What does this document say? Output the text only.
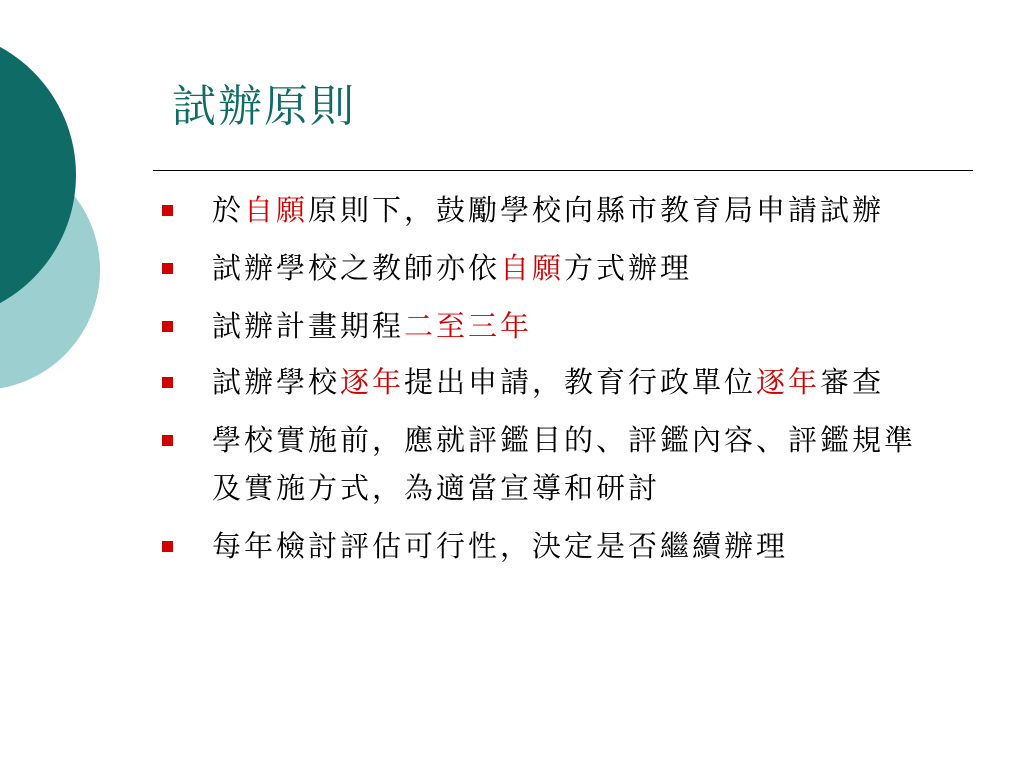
試辦原則
於自願原則下，鼓勵學校向縣市教育局申請試辦
試辦學校之教師亦依自願方式辦理
試辦計畫期程二至三年
試辦學校逐年提出申請，教育行政單位逐年審查
學校實施前，應就評鑑目的、評鑑內容、評鑑規準及實施方式，為適當宣導和研討
每年檢討評估可行性，決定是否繼續辦理
